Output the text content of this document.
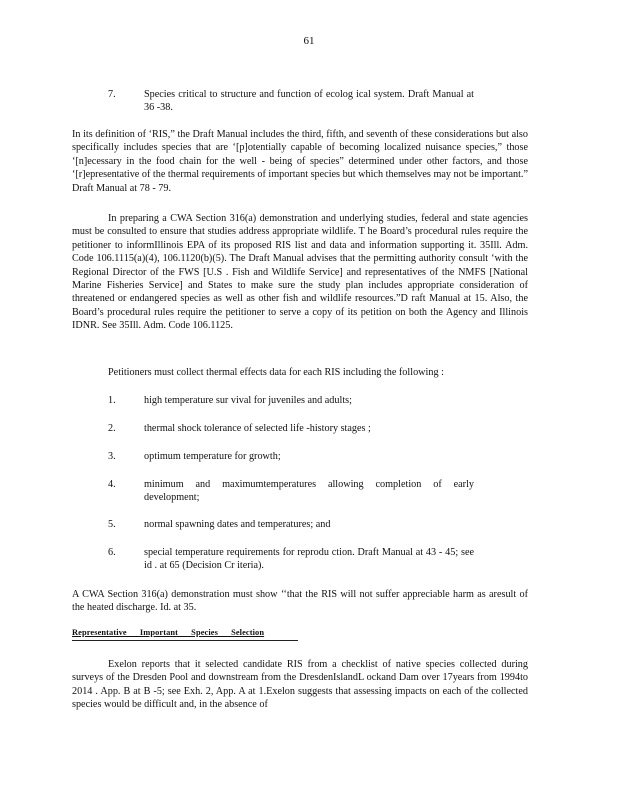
61
7.	Species critical to structure and function of ecolog ical system. Draft Manual at 36 -38.

In its definition of ‘RIS,” the Draft Manual includes the third, fifth, and seventh of these considerations but also specifically includes species that are ‘[p]otentially capable of becoming localized nuisance species,” those ‘[n]ecessary in the food chain for the well - being of species” determined under other factors, and those ‘[r]epresentative of the thermal requirements of important species but which themselves may not be important.” Draft Manual at 78 - 79.

In preparing a CWA Section 316(a) demonstration and underlying studies, federal and state agencies must be consulted to ensure that studies address appropriate wildlife. T he Board’s procedural rules require the petitioner to informIllinois EPA of its proposed RIS list and data and information supporting it. 35Ill. Adm. Code 106.1115(a)(4), 106.1120(b)(5). The Draft Manual advises that the permitting authority consult ‘with the Regional Director of the FWS [U.S . Fish and Wildlife Service] and representatives of the NMFS [National Marine Fisheries Service] and States to make sure the study plan includes appropriate consideration of threatened or endangered species as well as other fish and wildlife resources.”D raft Manual at 15. Also, the Board’s procedural rules require the petitioner to serve a copy of its petition on both the Agency and Illinois IDNR. See 35Ill. Adm. Code 106.1125.

Petitioners must collect thermal effects data for each RIS including the following :

1.	high temperature sur vival for juveniles and adults;
2.	thermal shock tolerance of selected life -history stages ;
3.	optimum temperature for growth;
4.	minimum and maximumtemperatures allowing completion of early development;
5.	normal spawning dates and temperatures; and
6.	special temperature requirements for reprodu ction. Draft Manual at 43 - 45; see id . at 65 (Decision Cr iteria).

A CWA Section 316(a) demonstration must show ‘‘that the RIS will not suffer appreciable harm as aresult of the heated discharge. Id. at 35.

Representative      Important      Species      Selection

Exelon reports that it selected candidate RIS from a checklist of native species collected during surveys of the Dresden Pool and downstream from the DresdenIslandL ockand Dam over 17years from 1994to 2014 . App. B at B -5; see Exh. 2, App. A at 1.Exelon suggests that assessing impacts on each of the collected species would be difficult and, in the absence of
